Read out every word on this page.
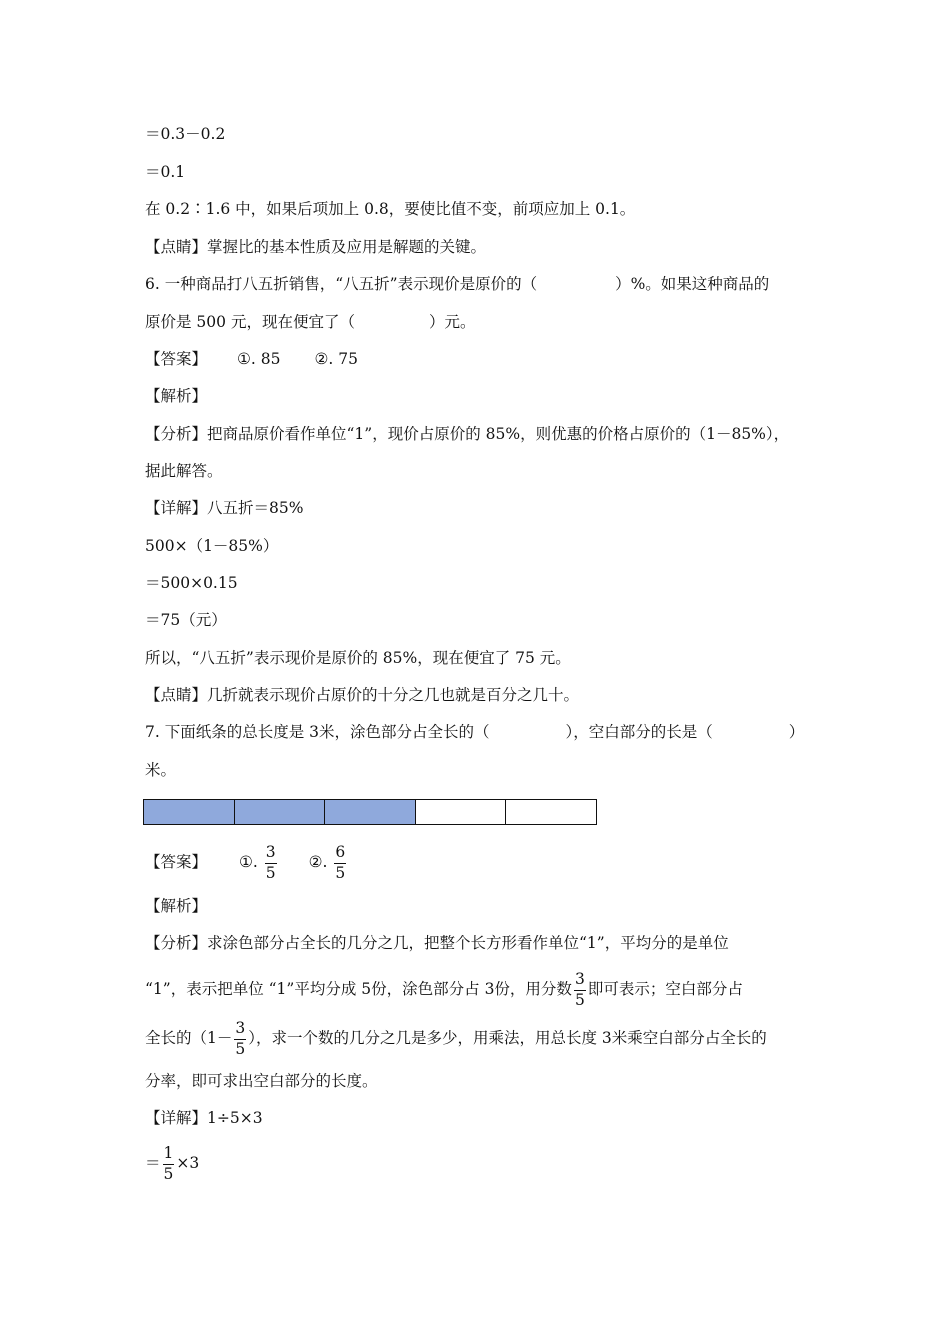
＝0.3－0.2
＝0.1
在 0.2∶1.6 中，如果后项加上 0.8，要使比值不变，前项应加上 0.1。
【点睛】掌握比的基本性质及应用是解题的关键。
6. 一种商品打八五折销售，“八五折”表示现价是原价的（	）%。如果这种商品的
原价是 500 元，现在便宜了（	）元。
【答案】 ①. 85 ②. 75
【解析】
【分析】把商品原价看作单位“1”，现价占原价的 85%，则优惠的价格占原价的（1－85%），
据此解答。
【详解】八五折＝85%
500×（1－85%）
＝500×0.15
＝75（元）
所以，“八五折”表示现价是原价的 85%，现在便宜了 75 元。
【点睛】几折就表示现价占原价的十分之几也就是百分之几十。
7. 下面纸条的总长度是 3米，涂色部分占全长的（	），空白部分的长是（	）
米。
【答案】 ①. $\frac{3}{5}$ ②. $\frac{6}{5}$
【解析】
【分析】求涂色部分占全长的几分之几，把整个长方形看作单位“1”，平均分的是单位
“1”，表示把单位 “1”平均分成 5份，涂色部分占 3份，用分数 $\frac{3}{5}$ 即可表示；空白部分占
全长的（$1- \frac{3}{5}$ ），求一个数的几分之几是多少，用乘法，用总长度 3米乘空白部分占全长的
分率，即可求出空白部分的长度。
【详解】1÷5×3
＝ $\frac{1}{5} \times 3$
